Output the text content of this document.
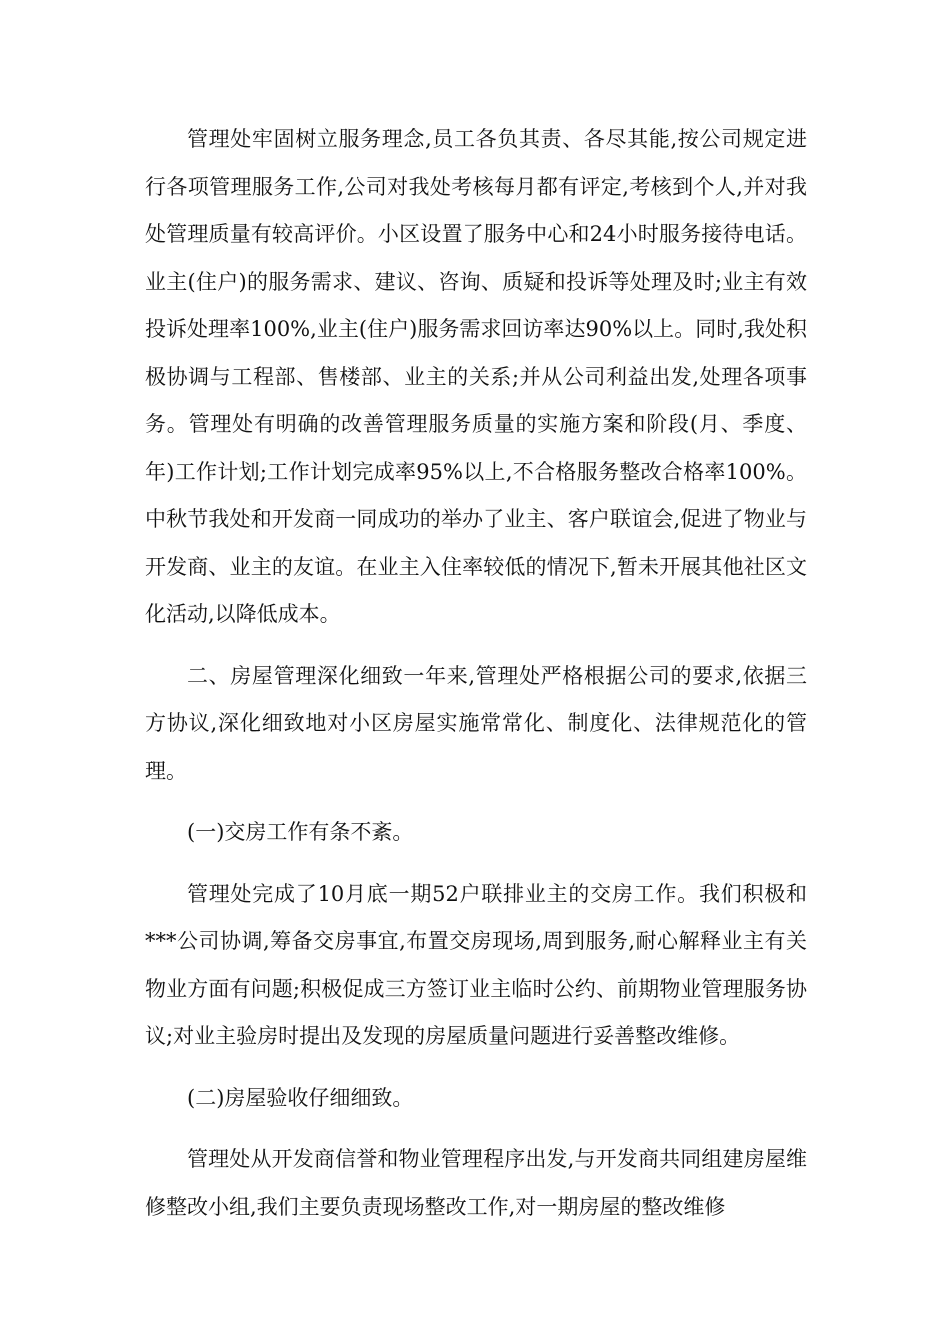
管理处牢固树立服务理念,员工各负其责、各尽其能,按公司规定进行各项管理服务工作,公司对我处考核每月都有评定,考核到个人,并对我处管理质量有较高评价。小区设置了服务中心和24小时服务接待电话。业主(住户)的服务需求、建议、咨询、质疑和投诉等处理及时;业主有效投诉处理率100%,业主(住户)服务需求回访率达90%以上。同时,我处积极协调与工程部、售楼部、业主的关系;并从公司利益出发,处理各项事务。管理处有明确的改善管理服务质量的实施方案和阶段(月、季度、年)工作计划;工作计划完成率95%以上,不合格服务整改合格率100%。中秋节我处和开发商一同成功的举办了业主、客户联谊会,促进了物业与开发商、业主的友谊。在业主入住率较低的情况下,暂未开展其他社区文化活动,以降低成本。

二、房屋管理深化细致一年来,管理处严格根据公司的要求,依据三方协议,深化细致地对小区房屋实施常常化、制度化、法律规范化的管理。

(一)交房工作有条不紊。

管理处完成了10月底一期52户联排业主的交房工作。我们积极和***公司协调,筹备交房事宜,布置交房现场,周到服务,耐心解释业主有关物业方面有问题;积极促成三方签订业主临时公约、前期物业管理服务协议;对业主验房时提出及发现的房屋质量问题进行妥善整改维修。

(二)房屋验收仔细细致。

管理处从开发商信誉和物业管理程序出发,与开发商共同组建房屋维修整改小组,我们主要负责现场整改工作,对一期房屋的整改维修
